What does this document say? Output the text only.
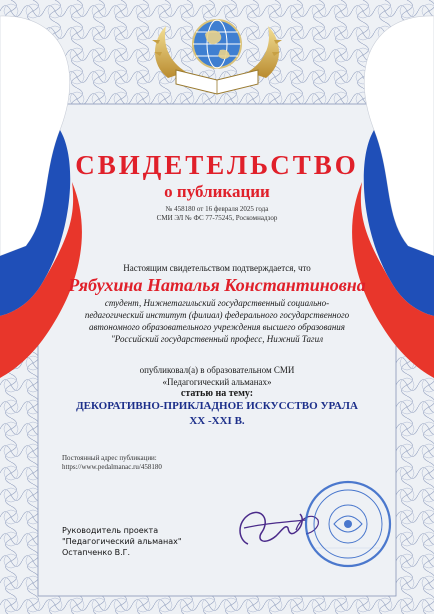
СВИДЕТЕЛЬСТВО
о публикации
№ 458180 от 16 февраля 2025 года
СМИ ЭЛ № ФС 77-75245, Роскомнадзор
Настоящим свидетельством подтверждается, что
Рябухина Наталья Константиновна
студент, Нижнетагильский государственный социально-
педагогический институт (филиал) федерального государственного
автономного образовательного учреждения высшего образования
"Российский государственный професс, Нижний Тагил
опубликовал(а) в образовательном СМИ
«Педагогический альманах»
статью на тему:
ДЕКОРАТИВНО-ПРИКЛАДНОЕ ИСКУССТВО УРАЛА
XX -XXI В.
Постоянный адрес публикации:
https://www.pedalmanac.ru/458180
Руководитель проекта
"Педагогический альманах"
Остапченко В.Г.
